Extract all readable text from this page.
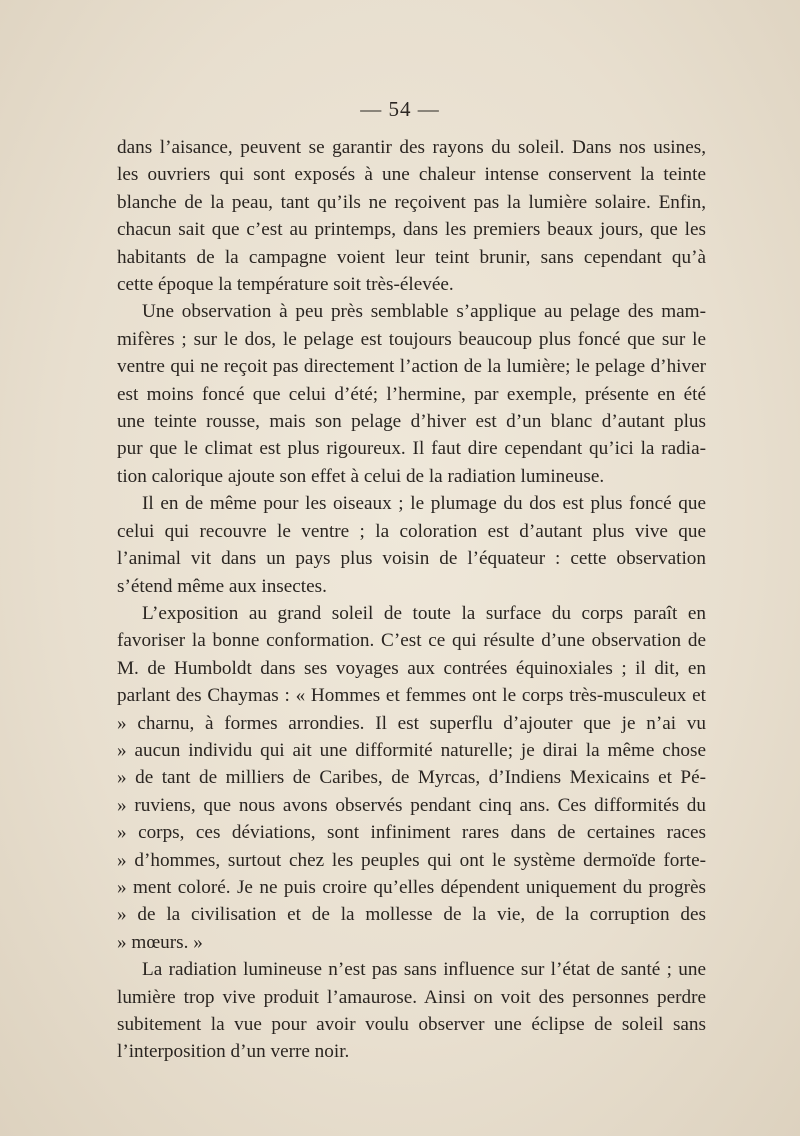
— 54 —
dans l’aisance, peuvent se garantir des rayons du soleil. Dans nos usines,
les ouvriers qui sont exposés à une chaleur intense conservent la teinte
blanche de la peau, tant qu’ils ne reçoivent pas la lumière solaire. Enfin,
chacun sait que c’est au printemps, dans les premiers beaux jours, que les
habitants de la campagne voient leur teint brunir, sans cependant qu’à
cette époque la température soit très-élevée.
Une observation à peu près semblable s’applique au pelage des mam-
mifères ; sur le dos, le pelage est toujours beaucoup plus foncé que sur le
ventre qui ne reçoit pas directement l’action de la lumière; le pelage d’hiver
est moins foncé que celui d’été; l’hermine, par exemple, présente en été
une teinte rousse, mais son pelage d’hiver est d’un blanc d’autant plus
pur que le climat est plus rigoureux. Il faut dire cependant qu’ici la radia-
tion calorique ajoute son effet à celui de la radiation lumineuse.
Il en de même pour les oiseaux ; le plumage du dos est plus foncé que
celui qui recouvre le ventre ; la coloration est d’autant plus vive que
l’animal vit dans un pays plus voisin de l’équateur : cette observation
s’étend même aux insectes.
L’exposition au grand soleil de toute la surface du corps paraît en
favoriser la bonne conformation. C’est ce qui résulte d’une observation de
M. de Humboldt dans ses voyages aux contrées équinoxiales ; il dit, en
parlant des Chaymas : « Hommes et femmes ont le corps très-musculeux et
» charnu, à formes arrondies. Il est superflu d’ajouter que je n’ai vu
» aucun individu qui ait une difformité naturelle; je dirai la même chose
» de tant de milliers de Caribes, de Myrcas, d’Indiens Mexicains et Pé-
» ruviens, que nous avons observés pendant cinq ans. Ces difformités du
» corps, ces déviations, sont infiniment rares dans de certaines races
» d’hommes, surtout chez les peuples qui ont le système dermoïde forte-
» ment coloré. Je ne puis croire qu’elles dépendent uniquement du progrès
» de la civilisation et de la mollesse de la vie, de la corruption des
» mœurs. »
La radiation lumineuse n’est pas sans influence sur l’état de santé ; une
lumière trop vive produit l’amaurose. Ainsi on voit des personnes perdre
subitement la vue pour avoir voulu observer une éclipse de soleil sans
l’interposition d’un verre noir.
